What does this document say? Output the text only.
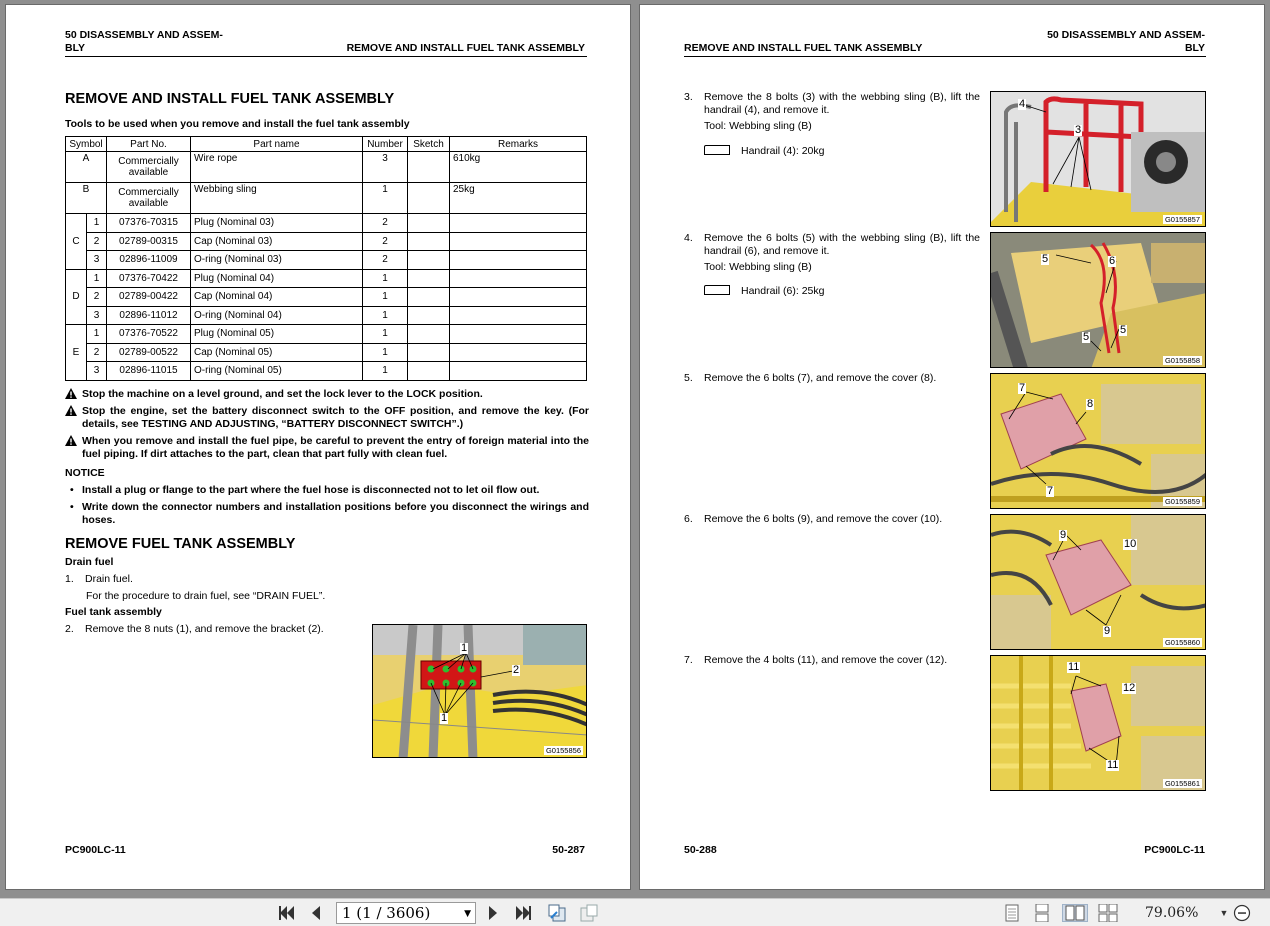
50 DISASSEMBLY AND ASSEM-
BLY	REMOVE AND INSTALL FUEL TANK ASSEMBLY
REMOVE AND INSTALL FUEL TANK ASSEMBLY
Tools to be used when you remove and install the fuel tank assembly
Symbol		Part No.	Part name	Number	Sketch	Remarks
A		Commercially available	Wire rope	3		610kg
B		Commercially available	Webbing sling	1		25kg
C	1	07376-70315	Plug (Nominal 03)	2		
	2	02789-00315	Cap (Nominal 03)	2		
	3	02896-11009	O-ring (Nominal 03)	2		
D	1	07376-70422	Plug (Nominal 04)	1		
	2	02789-00422	Cap (Nominal 04)	1		
	3	02896-11012	O-ring (Nominal 04)	1		
E	1	07376-70522	Plug (Nominal 05)	1		
	2	02789-00522	Cap (Nominal 05)	1		
	3	02896-11015	O-ring (Nominal 05)	1		
Stop the machine on a level ground, and set the lock lever to the LOCK position.
Stop the engine, set the battery disconnect switch to the OFF position, and remove the key. (For details, see TESTING AND ADJUSTING, “BATTERY DISCONNECT SWITCH”.)
When you remove and install the fuel pipe, be careful to prevent the entry of foreign material into the fuel piping. If dirt attaches to the part, clean that part fully with clean fuel.
NOTICE
• Install a plug or flange to the part where the fuel hose is disconnected not to let oil flow out.
• Write down the connector numbers and installation positions before you disconnect the wirings and hoses.
REMOVE FUEL TANK ASSEMBLY
Drain fuel
1. Drain fuel.
For the procedure to drain fuel, see “DRAIN FUEL”.
Fuel tank assembly
2. Remove the 8 nuts (1), and remove the bracket (2).
1
2
1
G0155856
PC900LC-11	50-287
REMOVE AND INSTALL FUEL TANK ASSEMBLY
50 DISASSEMBLY AND ASSEM-
BLY
3. Remove the 8 bolts (3) with the webbing sling (B), lift the handrail (4), and remove it.
Tool: Webbing sling (B)
Handrail (4): 20kg
4
3
G0155857
4. Remove the 6 bolts (5) with the webbing sling (B), lift the handrail (6), and remove it.
Tool: Webbing sling (B)
Handrail (6): 25kg
5	6
5
5
G0155858
5. Remove the 6 bolts (7), and remove the cover (8).
7
8
7
G0155859
6. Remove the 6 bolts (9), and remove the cover (10).
9
10
9
G0155860
7. Remove the 4 bolts (11), and remove the cover (12).
11
12
11
G0155861
50-288	PC900LC-11
1 (1 / 3606)	▼	79.06% ▼
